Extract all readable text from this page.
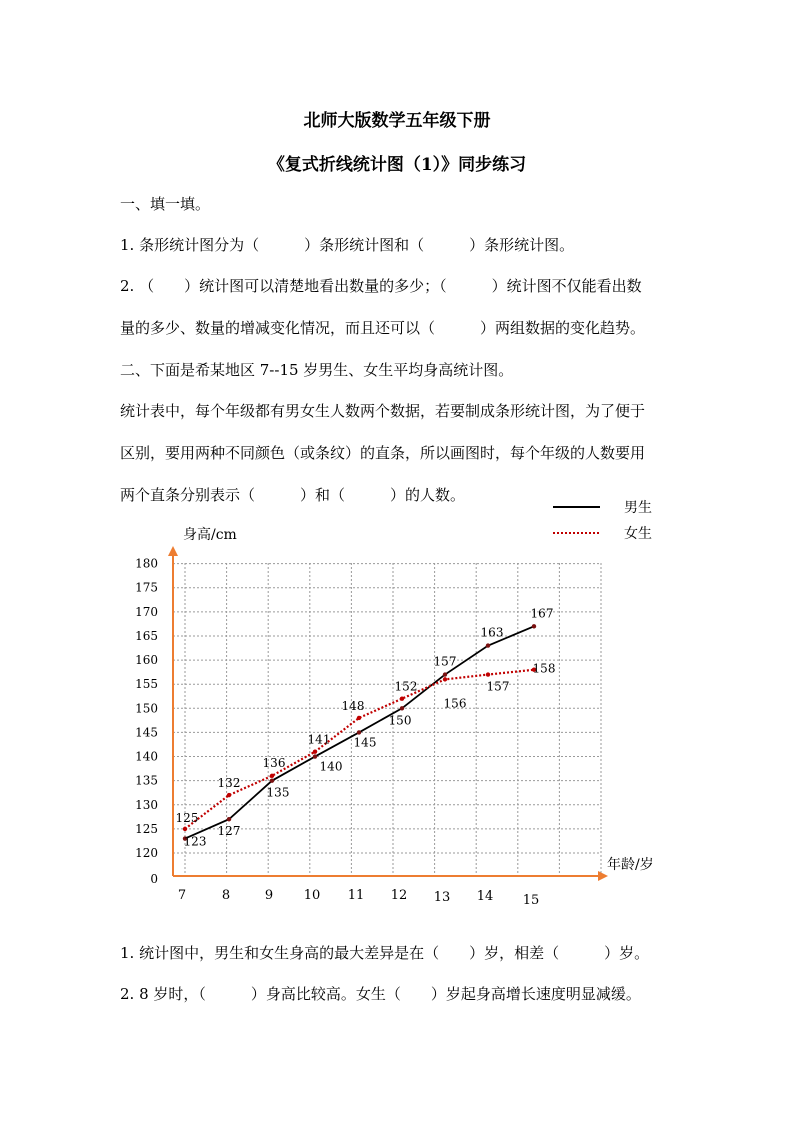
北师大版数学五年级下册
《复式折线统计图（1）》同步练习
一、填一填。
1. 条形统计图分为（　　　）条形统计图和（　　　）条形统计图。
2. （　　）统计图可以清楚地看出数量的多少；（　　　）统计图不仅能看出数
量的多少、数量的增减变化情况，而且还可以（　　　）两组数据的变化趋势。
二、下面是希某地区 7--15 岁男生、女生平均身高统计图。
统计表中，每个年级都有男女生人数两个数据，若要制成条形统计图，为了便于
区别，要用两种不同颜色（或条纹）的直条，所以画图时，每个年级的人数要用
两个直条分别表示（　　　）和（　　　）的人数。
身高/cm
年龄/岁
0
120
125
130
135
140
145
150
155
160
165
170
175
180
7	8	9 10 11 12 13 14 15
123
127
135
140
145
150
157
163
167
125
132
136
141
148
152
156
157
158
男生
女生
1. 统计图中，男生和女生身高的最大差异是在（　　）岁，相差（　　　）岁。
2. 8 岁时，（　　　）身高比较高。女生（　　）岁起身高增长速度明显减缓。
